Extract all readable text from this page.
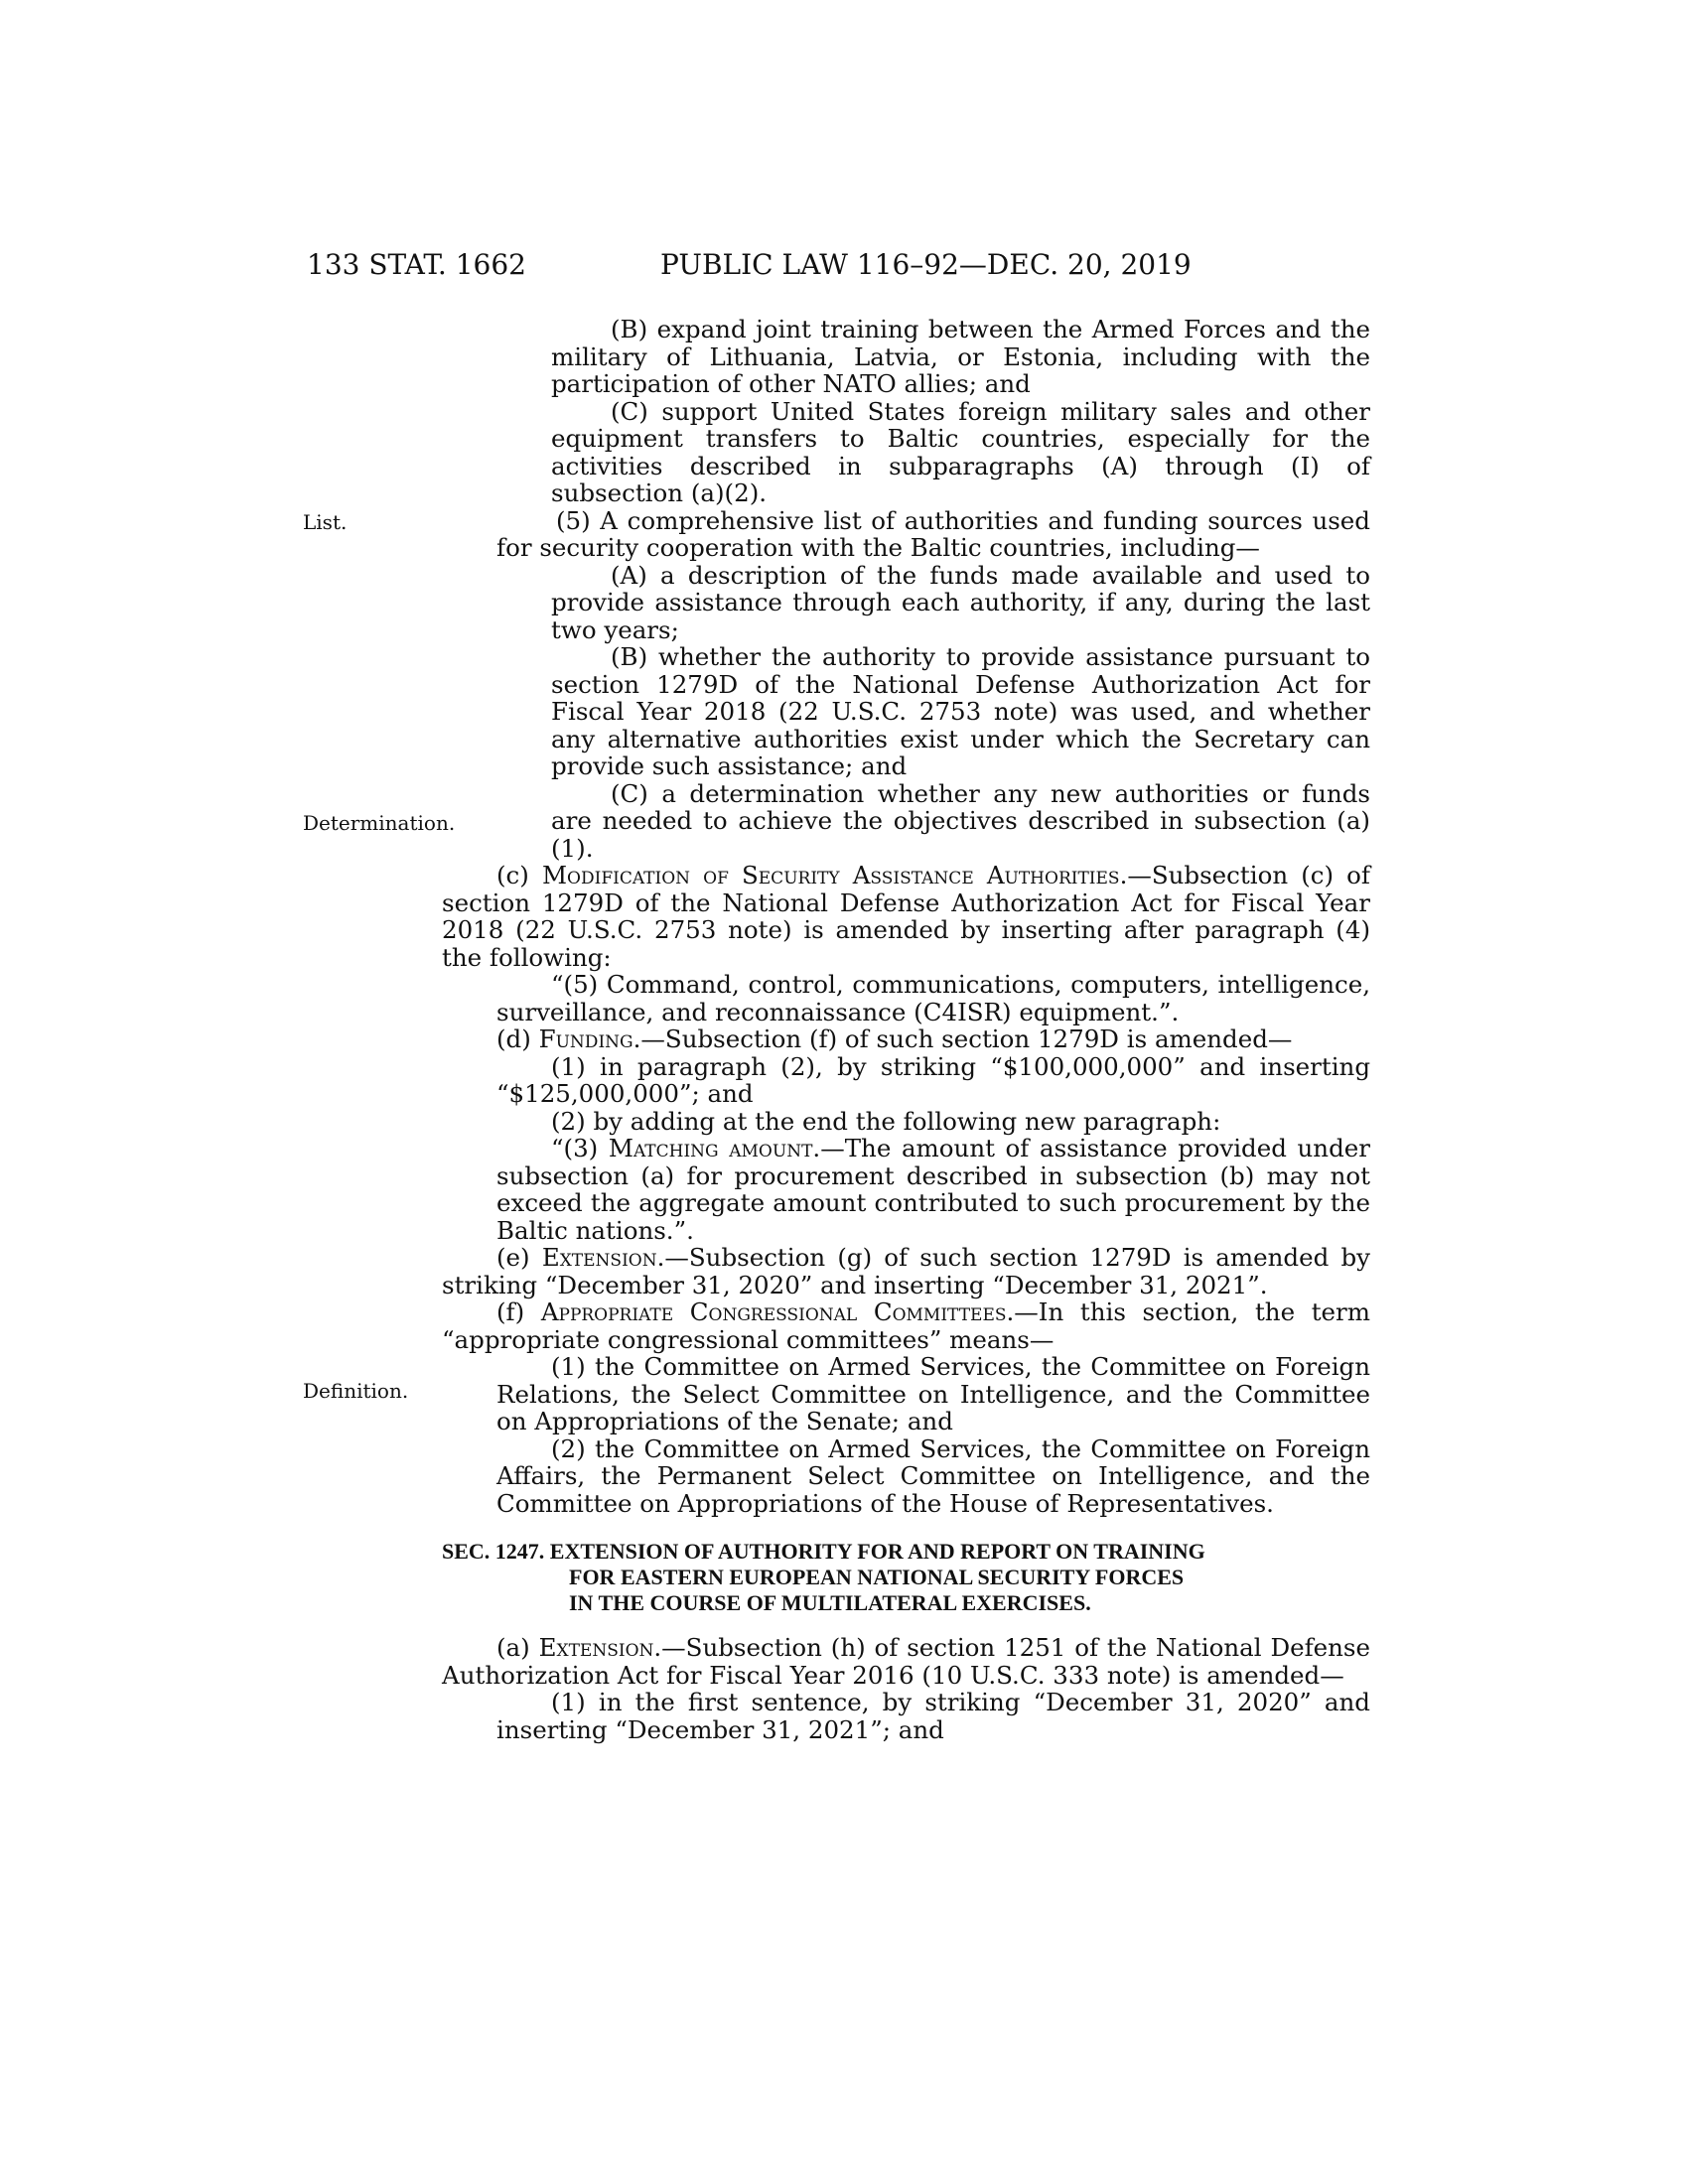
133 STAT. 1662	PUBLIC LAW 116–92—DEC. 20, 2019
List.
Determination.
Definition.
(B) expand joint training between the Armed Forces and the military of Lithuania, Latvia, or Estonia, including with the participation of other NATO allies; and
(C) support United States foreign military sales and other equipment transfers to Baltic countries, especially for the activities described in subparagraphs (A) through (I) of subsection (a)(2).
(5) A comprehensive list of authorities and funding sources used for security cooperation with the Baltic countries, including—
(A) a description of the funds made available and used to provide assistance through each authority, if any, during the last two years;
(B) whether the authority to provide assistance pursuant to section 1279D of the National Defense Authorization Act for Fiscal Year 2018 (22 U.S.C. 2753 note) was used, and whether any alternative authorities exist under which the Secretary can provide such assistance; and
(C) a determination whether any new authorities or funds are needed to achieve the objectives described in subsection (a)(1).
(c) Modification of Security Assistance Authorities.—Subsection (c) of section 1279D of the National Defense Authorization Act for Fiscal Year 2018 (22 U.S.C. 2753 note) is amended by inserting after paragraph (4) the following:
“(5) Command, control, communications, computers, intelligence, surveillance, and reconnaissance (C4ISR) equipment.”.
(d) Funding.—Subsection (f) of such section 1279D is amended—
(1) in paragraph (2), by striking “$100,000,000” and inserting “$125,000,000”; and
(2) by adding at the end the following new paragraph:
“(3) Matching amount.—The amount of assistance provided under subsection (a) for procurement described in subsection (b) may not exceed the aggregate amount contributed to such procurement by the Baltic nations.”.
(e) Extension.—Subsection (g) of such section 1279D is amended by striking “December 31, 2020” and inserting “December 31, 2021”.
(f) Appropriate Congressional Committees.—In this section, the term “appropriate congressional committees” means—
(1) the Committee on Armed Services, the Committee on Foreign Relations, the Select Committee on Intelligence, and the Committee on Appropriations of the Senate; and
(2) the Committee on Armed Services, the Committee on Foreign Affairs, the Permanent Select Committee on Intelligence, and the Committee on Appropriations of the House of Representatives.
SEC. 1247. EXTENSION OF AUTHORITY FOR AND REPORT ON TRAINING
FOR EASTERN EUROPEAN NATIONAL SECURITY FORCES
IN THE COURSE OF MULTILATERAL EXERCISES.
(a) Extension.—Subsection (h) of section 1251 of the National Defense Authorization Act for Fiscal Year 2016 (10 U.S.C. 333 note) is amended—
(1) in the first sentence, by striking “December 31, 2020” and inserting “December 31, 2021”; and
